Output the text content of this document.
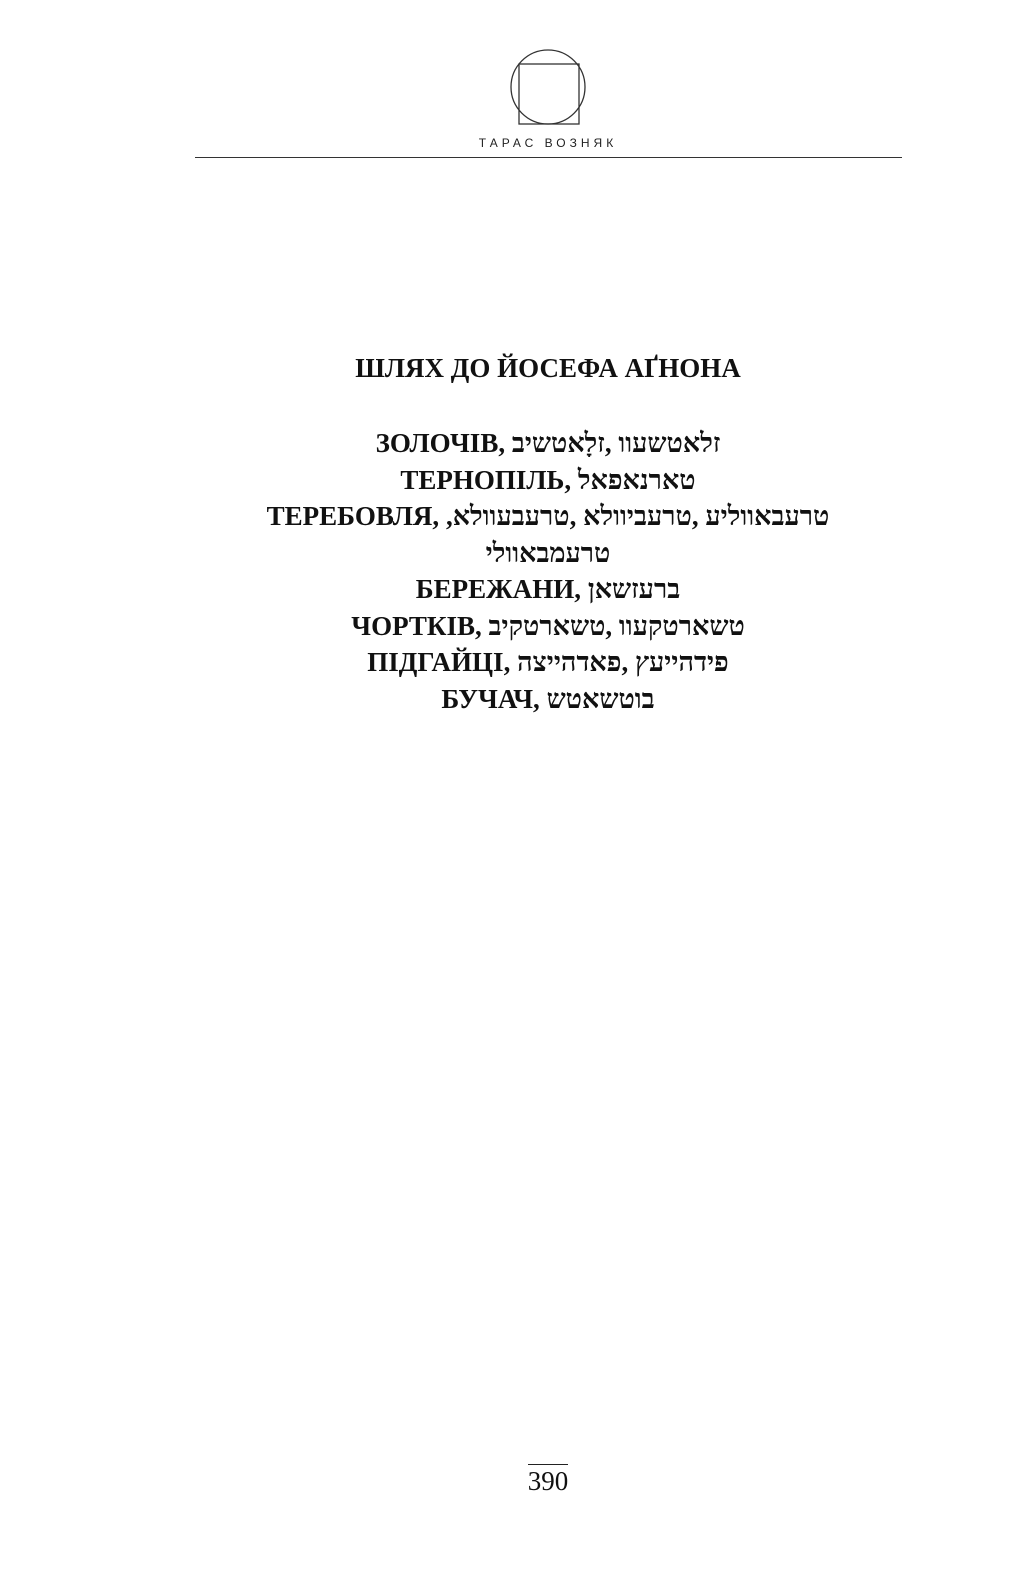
ТАРАС ВОЗНЯК
ШЛЯХ ДО ЙОСЕФА АҐНОНА
ЗОЛОЧІВ, זלאטשעוו ,זלָאטשיב
ТЕРНОПІЛЬ, טארנאפאל
ТЕРЕБОВЛЯ, טרעבאווליע ,טרעביוולא ,טרעבעוולא,
טרעמבאוולי
БЕРЕЖАНИ, ברעזשאן
ЧОРТКІВ, טשארטקעוו ,טשארטקיב
ПІДГАЙЦІ, פידהייעץ ,פאדהייצה
БУЧАЧ, בוטשאטש
390
